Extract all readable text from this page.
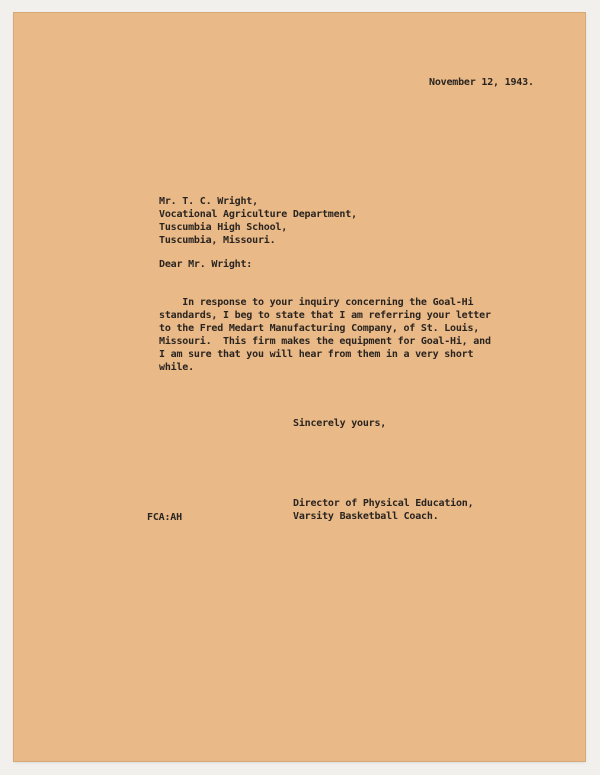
November 12, 1943.
Mr. T. C. Wright,
Vocational Agriculture Department,
Tuscumbia High School,
Tuscumbia, Missouri.
Dear Mr. Wright:
In response to your inquiry concerning the Goal-Hi
standards, I beg to state that I am referring your letter
to the Fred Medart Manufacturing Company, of St. Louis,
Missouri.  This firm makes the equipment for Goal-Hi, and
I am sure that you will hear from them in a very short
while.
Sincerely yours,
Director of Physical Education,
Varsity Basketball Coach.
FCA:AH
